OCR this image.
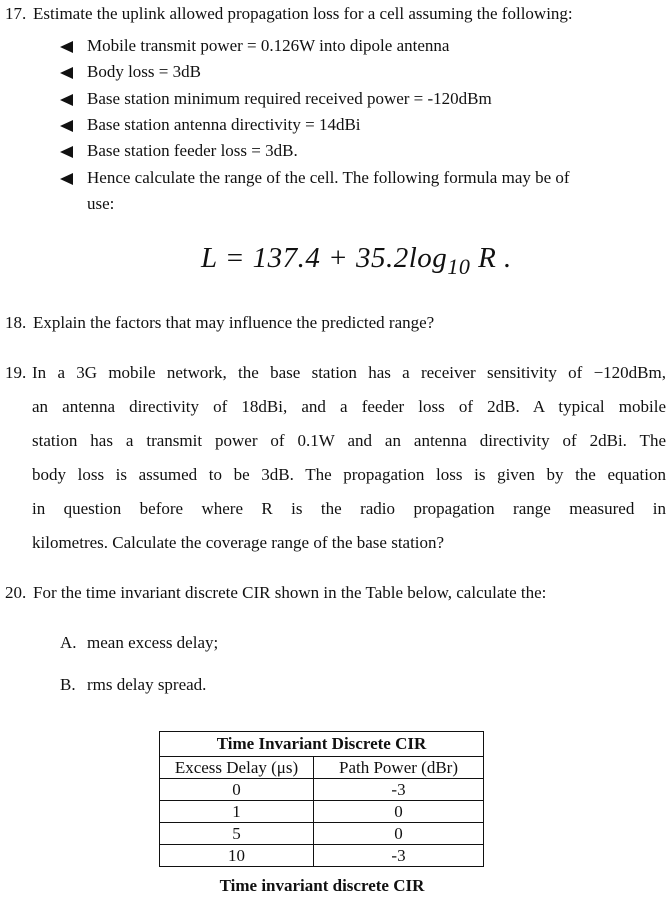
17. Estimate the uplink allowed propagation loss for a cell assuming the following:
Mobile transmit power = 0.126W into dipole antenna
Body loss = 3dB
Base station minimum required received power = -120dBm
Base station antenna directivity = 14dBi
Base station feeder loss = 3dB.
Hence calculate the range of the cell. The following formula may be of
use:
$L = 137.4 + 35.2\log_{10}$ R .
18. Explain the factors that may influence the predicted range?
19. In a 3G mobile network, the base station has a receiver sensitivity of −120dBm,
an antenna directivity of 18dBi, and a feeder loss of 2dB. A typical mobile
station has a transmit power of 0.1W and an antenna directivity of 2dBi. The
body loss is assumed to be 3dB. The propagation loss is given by the equation
in question before where R is the radio propagation range measured in
kilometres. Calculate the coverage range of the base station?
20. For the time invariant discrete CIR shown in the Table below, calculate the:
A. mean excess delay;
B. rms delay spread.
Time Invariant Discrete CIR	
Excess Delay (μs)	Path Power (dBr)
0	-3
1	0
5	0
10	-3
Time invariant discrete CIR
